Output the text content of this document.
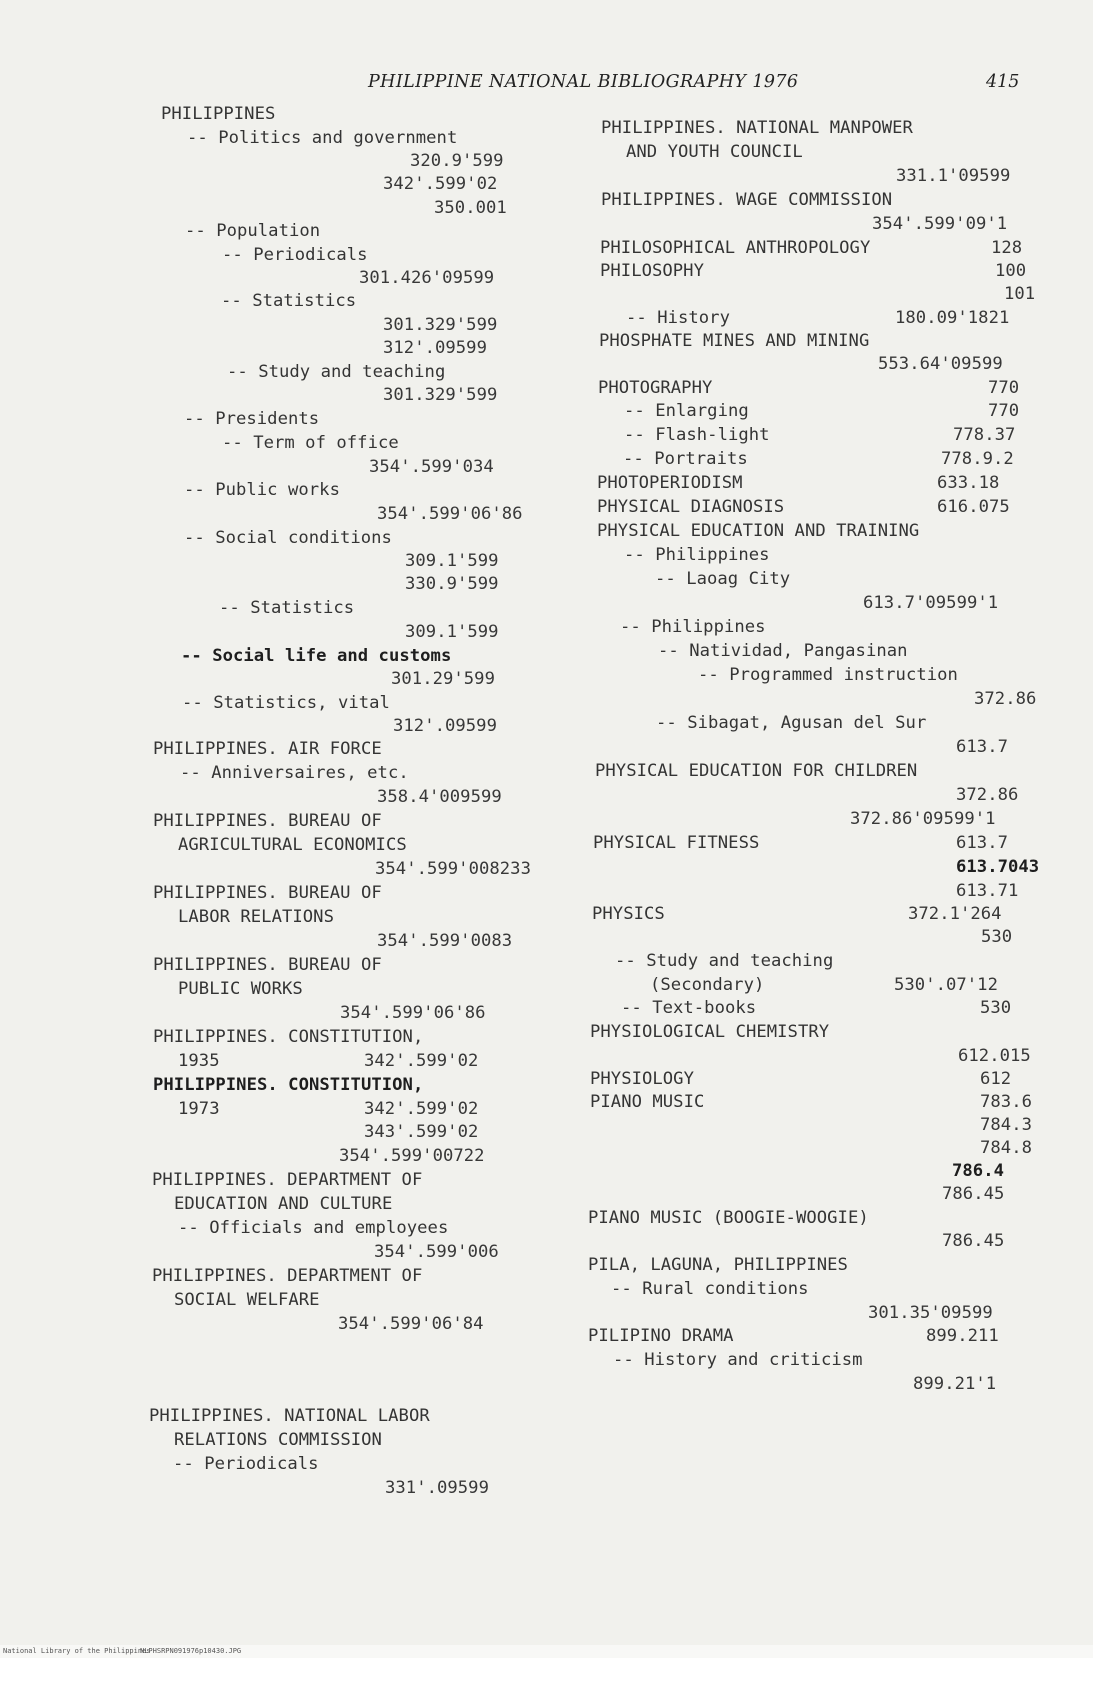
PHILIPPINE NATIONAL BIBLIOGRAPHY 1976	415
PHILIPPINES
-- Politics and government
320.9'599
342'.599'02
350.001
-- Population
-- Periodicals
301.426'09599
-- Statistics
301.329'599
312'.09599
-- Study and teaching
301.329'599
-- Presidents
-- Term of office
354'.599'034
-- Public works
354'.599'06'86
-- Social conditions
309.1'599
330.9'599
-- Statistics
309.1'599
-- Social life and customs
301.29'599
-- Statistics, vital
312'.09599
PHILIPPINES. AIR FORCE
-- Anniversaires, etc.
358.4'009599
PHILIPPINES. BUREAU OF
AGRICULTURAL ECONOMICS
354'.599'008233
PHILIPPINES. BUREAU OF
LABOR RELATIONS
354'.599'0083
PHILIPPINES. BUREAU OF
PUBLIC WORKS
354'.599'06'86
PHILIPPINES. CONSTITUTION,
1935	342'.599'02
PHILIPPINES. CONSTITUTION,
1973	342'.599'02
343'.599'02
354'.599'00722
PHILIPPINES. DEPARTMENT OF
EDUCATION AND CULTURE
-- Officials and employees
354'.599'006
PHILIPPINES. DEPARTMENT OF
SOCIAL WELFARE
354'.599'06'84
PHILIPPINES. NATIONAL LABOR
RELATIONS COMMISSION
-- Periodicals
331'.09599
PHILIPPINES. NATIONAL MANPOWER
AND YOUTH COUNCIL
331.1'09599
PHILIPPINES. WAGE COMMISSION
354'.599'09'1
PHILOSOPHICAL ANTHROPOLOGY	128
PHILOSOPHY	100
101
-- History	180.09'1821
PHOSPHATE MINES AND MINING
553.64'09599
PHOTOGRAPHY	770
-- Enlarging	770
-- Flash-light	778.37
-- Portraits	778.9.2
PHOTOPERIODISM	633.18
PHYSICAL DIAGNOSIS	616.075
PHYSICAL EDUCATION AND TRAINING
-- Philippines
-- Laoag City
613.7'09599'1
-- Philippines
-- Natividad, Pangasinan
-- Programmed instruction
372.86
-- Sibagat, Agusan del Sur
613.7
PHYSICAL EDUCATION FOR CHILDREN
372.86
372.86'09599'1
PHYSICAL FITNESS	613.7
613.7043
613.71
PHYSICS	372.1'264
530
-- Study and teaching
(Secondary)	530'.07'12
-- Text-books	530
PHYSIOLOGICAL CHEMISTRY
612.015
PHYSIOLOGY	612
PIANO MUSIC	783.6
784.3
784.8
786.4
786.45
PIANO MUSIC (BOOGIE-WOOGIE)
786.45
PILA, LAGUNA, PHILIPPINES
-- Rural conditions
301.35'09599
PILIPINO DRAMA	899.211
-- History and criticism
899.21'1

National Library of the Philippines

NLPHSRPN091976p10430.JPG
